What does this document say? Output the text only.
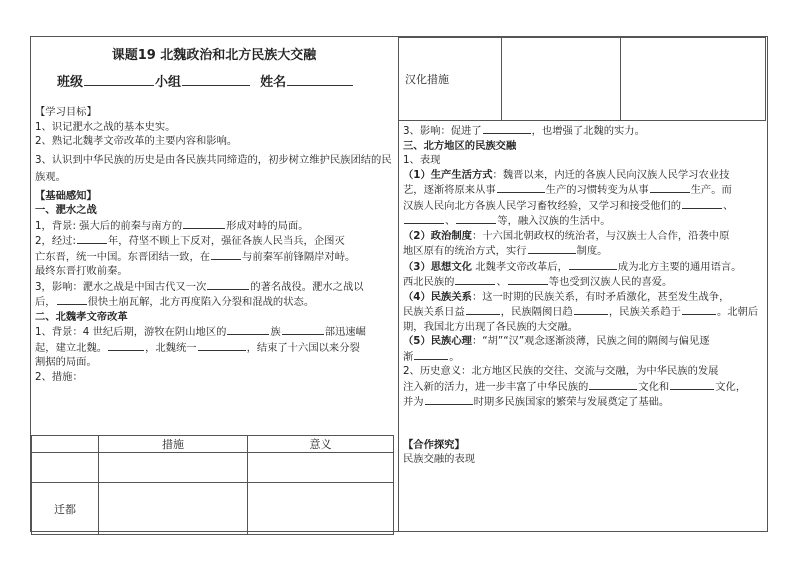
课题19 北魏政治和北方民族大交融
班级	小组	姓名

【学习目标】

1、识记淝水之战的基本史实。

2、熟记北魏孝文帝改革的主要内容和影响。

3、认识到中华民族的历史是由各民族共同缔造的，初步树立维护民族团结的民

族观。

【基础感知】

一、淝水之战

1，背景: 强大后的前秦与南方的	形成对峙的局面。

2，经过:	年，苻坚不顾上下反对，强征各族人民当兵，企图灭

亡东晋，统一中国。东晋团结一致，在	与前秦军前锋隔岸对峙。

最终东晋打败前秦。

3，影响：淝水之战是中国古代又一次	的著名战役。淝水之战以

后，	很快土崩瓦解，北方再度陷入分裂和混战的状态。

二、北魏孝文帝改革

1、背景：4 世纪后期，游牧在阴山地区的	族	部迅速崛

起，建立北魏。	，北魏统一	，结束了十六国以来分裂

割据的局面。

2、措施：

	措施	意义

迁都		
汉化措施		

3、影响：促进了	，也增强了北魏的实力。

三、北方地区的民族交融

1、表现

（1）生产生活方式：魏晋以来，内迁的各族人民向汉族人民学习农业技

艺，逐渐将原来从事	生产的习惯转变为从事	生产。而

汉族人民向北方各族人民学习畜牧经验，又学习和接受他们的	、

、	等，融入汉族的生活中。

（2）政治制度：十六国北朝政权的统治者，与汉族士人合作，沿袭中原

地区原有的统治方式，实行	制度。

（3）思想文化 北魏孝文帝改革后，	成为北方主要的通用语言。

西北民族的	、	等也受到汉族人民的喜爱。

（4）民族关系：这一时期的民族关系，有时矛盾激化，甚至发生战争，

民族关系日益	，民族隔阂日趋	，民族关系趋于	。北朝后

期，我国北方出现了各民族的大交融。

（5）民族心理：“胡”“汉”观念逐渐淡薄，民族之间的隔阂与偏见逐

渐	。

2、历史意义：北方地区民族的交往、交流与交融，为中华民族的发展

注入新的活力，进一步丰富了中华民族的	文化和	文化，

并为	时期多民族国家的繁荣与发展奠定了基础。

【合作探究】

民族交融的表现
